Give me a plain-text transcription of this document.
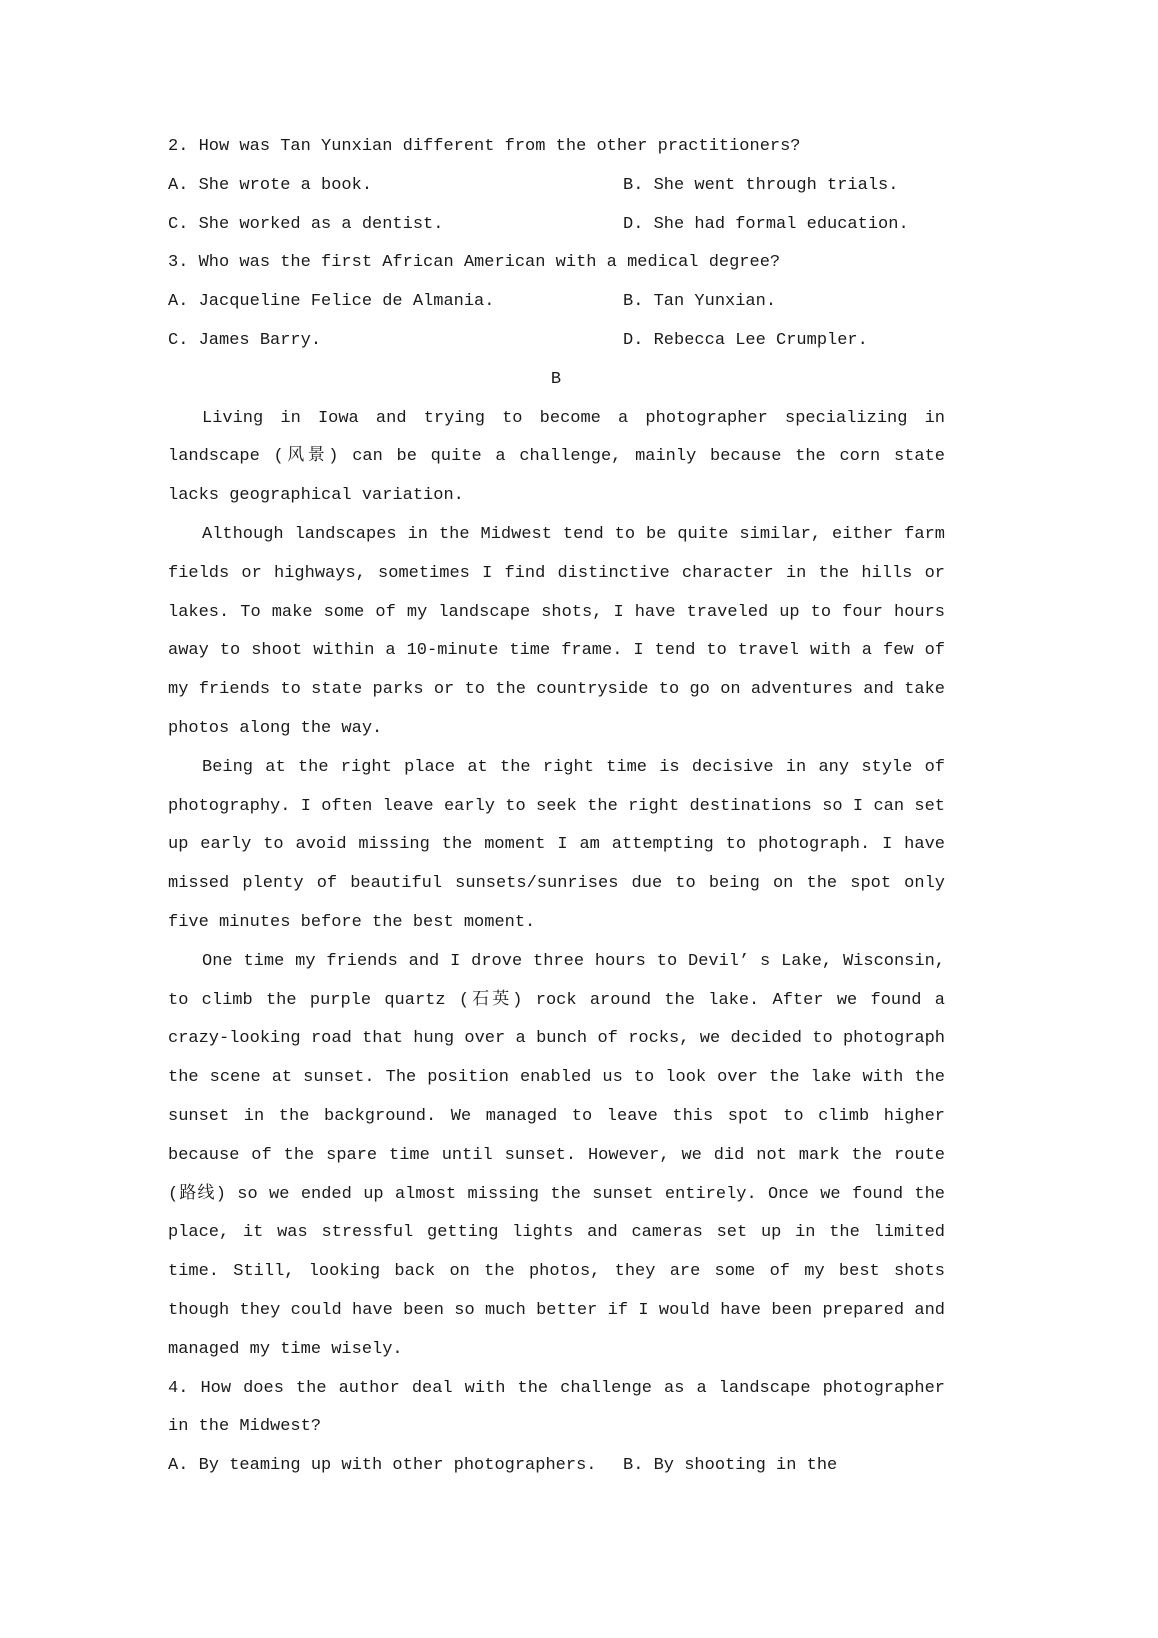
2. How was Tan Yunxian different from the other practitioners?
A. She wrote a book.	B. She went through trials.
C. She worked as a dentist.	D. She had formal education.
3. Who was the first African American with a medical degree?
A. Jacqueline Felice de Almania.	B. Tan Yunxian.
C. James Barry.	D. Rebecca Lee Crumpler.
B
Living in Iowa and trying to become a photographer specializing in landscape (风景) can be quite a challenge, mainly because the corn state lacks geographical variation.
Although landscapes in the Midwest tend to be quite similar, either farm fields or highways, sometimes I find distinctive character in the hills or lakes. To make some of my landscape shots, I have traveled up to four hours away to shoot within a 10-minute time frame. I tend to travel with a few of my friends to state parks or to the countryside to go on adventures and take photos along the way.
Being at the right place at the right time is decisive in any style of photography. I often leave early to seek the right destinations so I can set up early to avoid missing the moment I am attempting to photograph. I have missed plenty of beautiful sunsets/sunrises due to being on the spot only five minutes before the best moment.
One time my friends and I drove three hours to Devil’ s Lake, Wisconsin, to climb the purple quartz (石英) rock around the lake. After we found a crazy-looking road that hung over a bunch of rocks, we decided to photograph the scene at sunset. The position enabled us to look over the lake with the sunset in the background. We managed to leave this spot to climb higher because of the spare time until sunset. However, we did not mark the route (路线) so we ended up almost missing the sunset entirely. Once we found the place, it was stressful getting lights and cameras set up in the limited time. Still, looking back on the photos, they are some of my best shots though they could have been so much better if I would have been prepared and managed my time wisely.
4. How does the author deal with the challenge as a landscape photographer in the Midwest?
A. By teaming up with other photographers.	B. By shooting in the
